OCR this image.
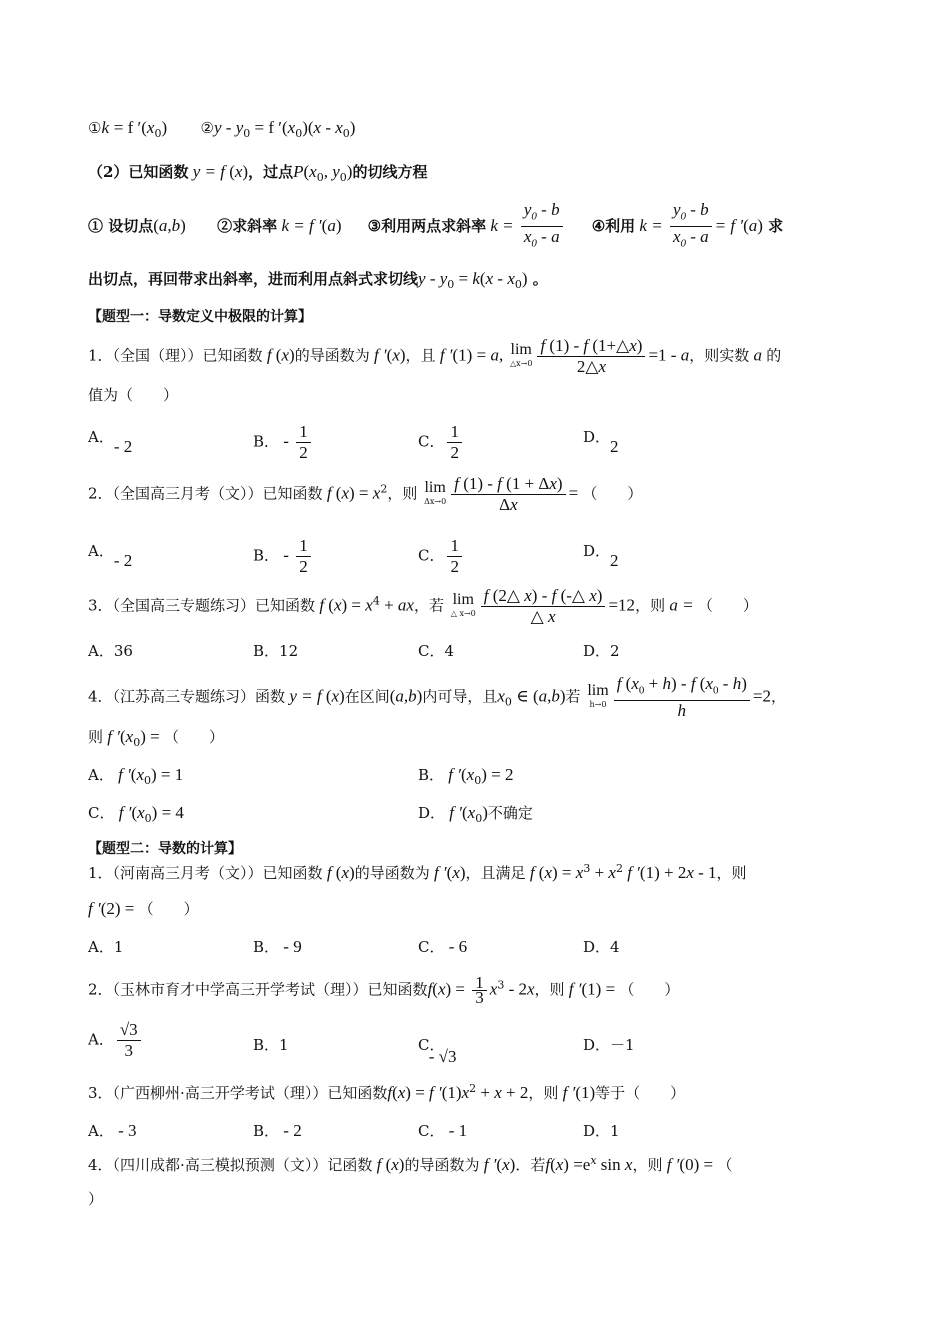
①k = f $'(x_0)$ ②y - $y_0 = f$ $'(x_0)(x - x_0)$
（2）已知函数 y = f (x)，过点$P(x_0$, $y_0$)的切线方程
① 设切点(a,b) ②求斜率 k = f ′(a) ③利用两点求斜率 $k = \frac{y_0 - b}{x_0 - a}$ ④利用 $k = \frac{y_0 - b}{x_0 - a} = f$ ′(a) 求
出切点，再回带求出斜率，进而利用点斜式求切线$y - y_0 = k(x - x_0)$ 。
【题型一：导数定义中极限的计算】
1．（全国（理））已知函数 f (x)的导函数为 f ′(x)，且 f ′(1) = a, lim
△x→0 $\frac{f (1) - f (1+\triangle x)}{2\triangle x} =1 - a$，则实数 a 的
值为（　　）
A．- 2	B． - $\frac{1}{2}$	C． $\frac{1}{2}$	D．2
2．（全国高三月考（文））已知函数 f $(x) = x^2$，则 lim
$\Delta x\to 0 \frac{f (1) - f (1 + \Delta x)}{\Delta x}$ = （　　）
A．- 2	B． - $\frac{1}{2}$	C． $\frac{1}{2}$	D．2
3．（全国高三专题练习）已知函数 f $(x) = x^4$ + ax，若 lim
△ $x\to 0 \frac{f (2\triangle x) - f (-\triangle x)}{\triangle x} =12$，则 a = （　　）
A．36	B．12	C．4	D．2
4．（江苏高三专题练习）函数 y = f (x)在区间(a,b)内可导，且$x_0$ ∈ (a,b)若 lim
$h\to 0 \frac{f (x_0 + h) - f (x_0 - h)}{h} =2$，
则 f $'(x_0)$ = （　　）
A． f $'(x_0) = 1$	B． f $'(x_0) = 2$
C． f $'(x_0) = 4$	D． f $'(x_0)$不确定
【题型二：导数的计算】
1．（河南高三月考（文））已知函数 f (x)的导函数为 f ′(x)，且满足 f $(x) = x^3 + x^2$ f ′(1) + 2x - 1，则
f ′(2) = （　　）
A．1	B． - 9	C． - 6	D．4
2．（玉林市育才中学高三开学考试（理））已知函数$f(x) = \frac{1}{3} x^3 - 2x$，则 f ′(1) = （　　）
A． $\frac{√3}{3}$	B．1	C． - √3
D．－1
3．（广西柳州·高三开学考试（理））已知函数f(x) = f $'(1)x^2 + x + 2$，则 f ′(1)等于（　　）
A． - 3	B． - 2	C． - 1	D．1
4．（四川成都·高三模拟预测（文））记函数 f (x)的导函数为 f ′(x)．若$f(x) =e^x$ sin x，则 f ′(0) = （
）
